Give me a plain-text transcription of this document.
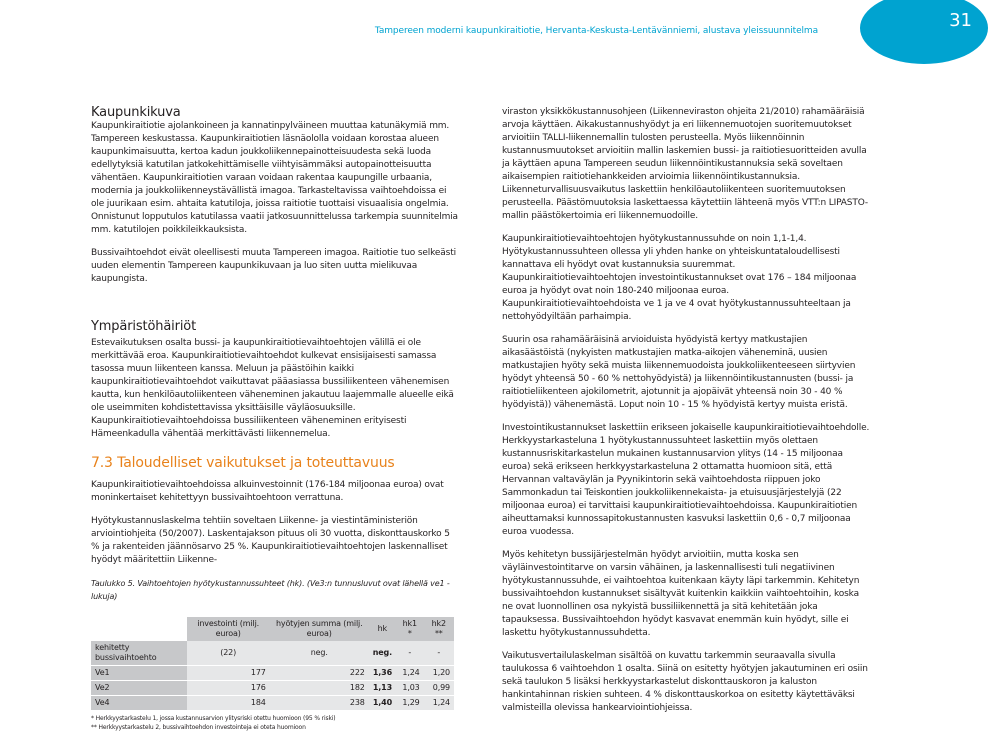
Tampereen moderni kaupunkiraitiotie, Hervanta-Keskusta-Lentävänniemi, alustava yleissuunnitelma	31
Kaupunkikuva

Kaupunkiraitiotie ajolankoineen ja kannatinpylväineen muuttaa katunäkymiä mm. Tampereen keskustassa. Kaupunkiraitiotien läsnäololla voidaan korostaa alueen kaupunkimaisuutta, kertoa kadun joukkoliikennepainotteisuudesta sekä luoda edellytyksiä katutilan jatkokehittämiselle viihtyisämmäksi autopainotteisuutta vähentäen. Kaupunkiraitiotien varaan voidaan rakentaa kaupungille urbaania, modernia ja joukkoliikenneystävällistä imagoa. Tarkasteltavissa vaihtoehdoissa ei ole juurikaan esim. ahtaita katutiloja, joissa raitiotie tuottaisi visuaalisia ongelmia. Onnistunut lopputulos katutilassa vaatii jatkosuunnittelussa tarkempia suunnitelmia mm. katutilojen poikkileikkauksista.

Bussivaihtoehdot eivät oleellisesti muuta Tampereen imagoa. Raitiotie tuo selkeästi uuden elementin Tampereen kaupunkikuvaan ja luo siten uutta mielikuvaa kaupungista.

Ympäristöhäiriöt

Estevaikutuksen osalta bussi- ja kaupunkiraitiotievaihtoehtojen välillä ei ole merkittävää eroa. Kaupunkiraitiotievaihtoehdot kulkevat ensisijaisesti samassa tasossa muun liikenteen kanssa. Meluun ja päästöihin kaikki kaupunkiraitiotievaihtoehdot vaikuttavat pääasiassa bussiliikenteen vähenemisen kautta, kun henkilöautoliikenteen väheneminen jakautuu laajemmalle alueelle eikä ole useimmiten kohdistettavissa yksittäisille väyläosuuksille. Kaupunkiraitiotievaihtoehdoissa bussiliikenteen väheneminen erityisesti Hämeenkadulla vähentää merkittävästi liikennemelua.

7.3 Taloudelliset vaikutukset ja toteuttavuus

Kaupunkiraitiotievaihtoehdoissa alkuinvestoinnit (176-184 miljoonaa euroa) ovat moninkertaiset kehitettyyn bussivaihtoehtoon verrattuna.

Hyötykustannuslaskelma tehtiin soveltaen Liikenne- ja viestintäministeriön arviointiohjeita (50/2007). Laskentajakson pituus oli 30 vuotta, diskonttauskorko 5 % ja rakenteiden jäännösarvo 25 %. Kaupunkiraitiotievaihtoehtojen laskennalliset hyödyt määritettiin Liikenne-

Taulukko 5. Vaihtoehtojen hyötykustannussuhteet (hk). (Ve3:n tunnusluvut ovat lähellä ve1 -lukuja)
	investointi (milj. euroa)	hyötyjen summa (milj. euroa)	hk	hk1 *	hk2 **
kehitetty bussivaihtoehto	(22)	neg.	neg.	-	-
Ve1	177	222	1,36	1,24	1,20
Ve2	176	182	1,13	1,03	0,99
Ve4	184	238	1,40	1,29	1,24
* Herkkyystarkastelu 1, jossa kustannusarvion ylitysriski otettu huomioon (95 % riski)
** Herkkyystarkastelu 2, bussivaihtoehdon investointeja ei oteta huomioon

viraston yksikkökustannusohjeen (Liikenneviraston ohjeita 21/2010) rahamääräisiä arvoja käyttäen. Aikakustannushyödyt ja eri liikennemuotojen suoritemuutokset arvioitiin TALLI-liikennemallin tulosten perusteella. Myös liikennöinnin kustannusmuutokset arvioitiin mallin laskemien bussi- ja raitiotiesuoritteiden avulla ja käyttäen apuna Tampereen seudun liikennöintikustannuksia sekä soveltaen aikaisempien raitiotiehankkeiden arvioimia liikennöintikustannuksia. Liikenneturvallisuusvaikutus laskettiin henkilöautoliikenteen suoritemuutoksen perusteella. Päästömuutoksia laskettaessa käytettiin lähteenä myös VTT:n LIPASTO-mallin päästökertoimia eri liikennemuodoille.

Kaupunkiraitiotievaihtoehtojen hyötykustannussuhde on noin 1,1-1,4. Hyötykustannussuhteen ollessa yli yhden hanke on yhteiskuntataloudellisesti kannattava eli hyödyt ovat kustannuksia suuremmat. Kaupunkiraitiotievaihtoehtojen investointikustannukset ovat 176 – 184 miljoonaa euroa ja hyödyt ovat noin 180-240 miljoonaa euroa. Kaupunkiraitiotievaihtoehdoista ve 1 ja ve 4 ovat hyötykustannussuhteeltaan ja nettohyödyiltään parhaimpia.

Suurin osa rahamääräisinä arvioiduista hyödyistä kertyy matkustajien aikasäästöistä (nykyisten matkustajien matka-aikojen väheneminä, uusien matkustajien hyöty sekä muista liikennemuodoista joukkoliikenteeseen siirtyvien hyödyt yhteensä 50 - 60 % nettohyödyistä) ja liikennöintikustannusten (bussi- ja raitiotieliikenteen ajokilometrit, ajotunnit ja ajopäivät yhteensä noin 30 - 40 % hyödyistä)) vähenemästä. Loput noin 10 - 15 % hyödyistä kertyy muista eristä.

Investointikustannukset laskettiin erikseen jokaiselle kaupunkiraitiotievaihtoehdolle. Herkkyystarkasteluna 1 hyötykustannussuhteet laskettiin myös olettaen kustannusriskitarkastelun mukainen kustannusarvion ylitys (14 - 15 miljoonaa euroa) sekä erikseen herkkyystarkasteluna 2 ottamatta huomioon sitä, että Hervannan valtaväylän ja Pyynikintorin sekä vaihtoehdosta riippuen joko Sammonkadun tai Teiskontien joukkoliikennekaista- ja etuisuusjärjestelyjä (22 miljoonaa euroa) ei tarvittaisi kaupunkiraitiotievaihtoehdoissa. Kaupunkiraitiotien aiheuttamaksi kunnossapitokustannusten kasvuksi laskettiin 0,6 - 0,7 miljoonaa euroa vuodessa.

Myös kehitetyn bussijärjestelmän hyödyt arvioitiin, mutta koska sen väyläinvestointitarve on varsin vähäinen, ja laskennallisesti tuli negatiivinen hyötykustannussuhde, ei vaihtoehtoa kuitenkaan käyty läpi tarkemmin. Kehitetyn bussivaihtoehdon kustannukset sisältyvät kuitenkin kaikkiin vaihtoehtoihin, koska ne ovat luonnollinen osa nykyistä bussiliikennettä ja sitä kehitetään joka tapauksessa. Bussivaihtoehdon hyödyt kasvavat enemmän kuin hyödyt, sille ei laskettu hyötykustannussuhdetta.

Vaikutusvertailulaskelman sisältöä on kuvattu tarkemmin seuraavalla sivulla taulukossa 6 vaihtoehdon 1 osalta. Siinä on esitetty hyötyjen jakautuminen eri osiin sekä taulukon 5 lisäksi herkkyystarkastelut diskonttauskoron ja kaluston hankintahinnan riskien suhteen. 4 % diskonttauskorkoa on esitetty käytettäväksi valmisteilla olevissa hankearviointiohjeissa.
